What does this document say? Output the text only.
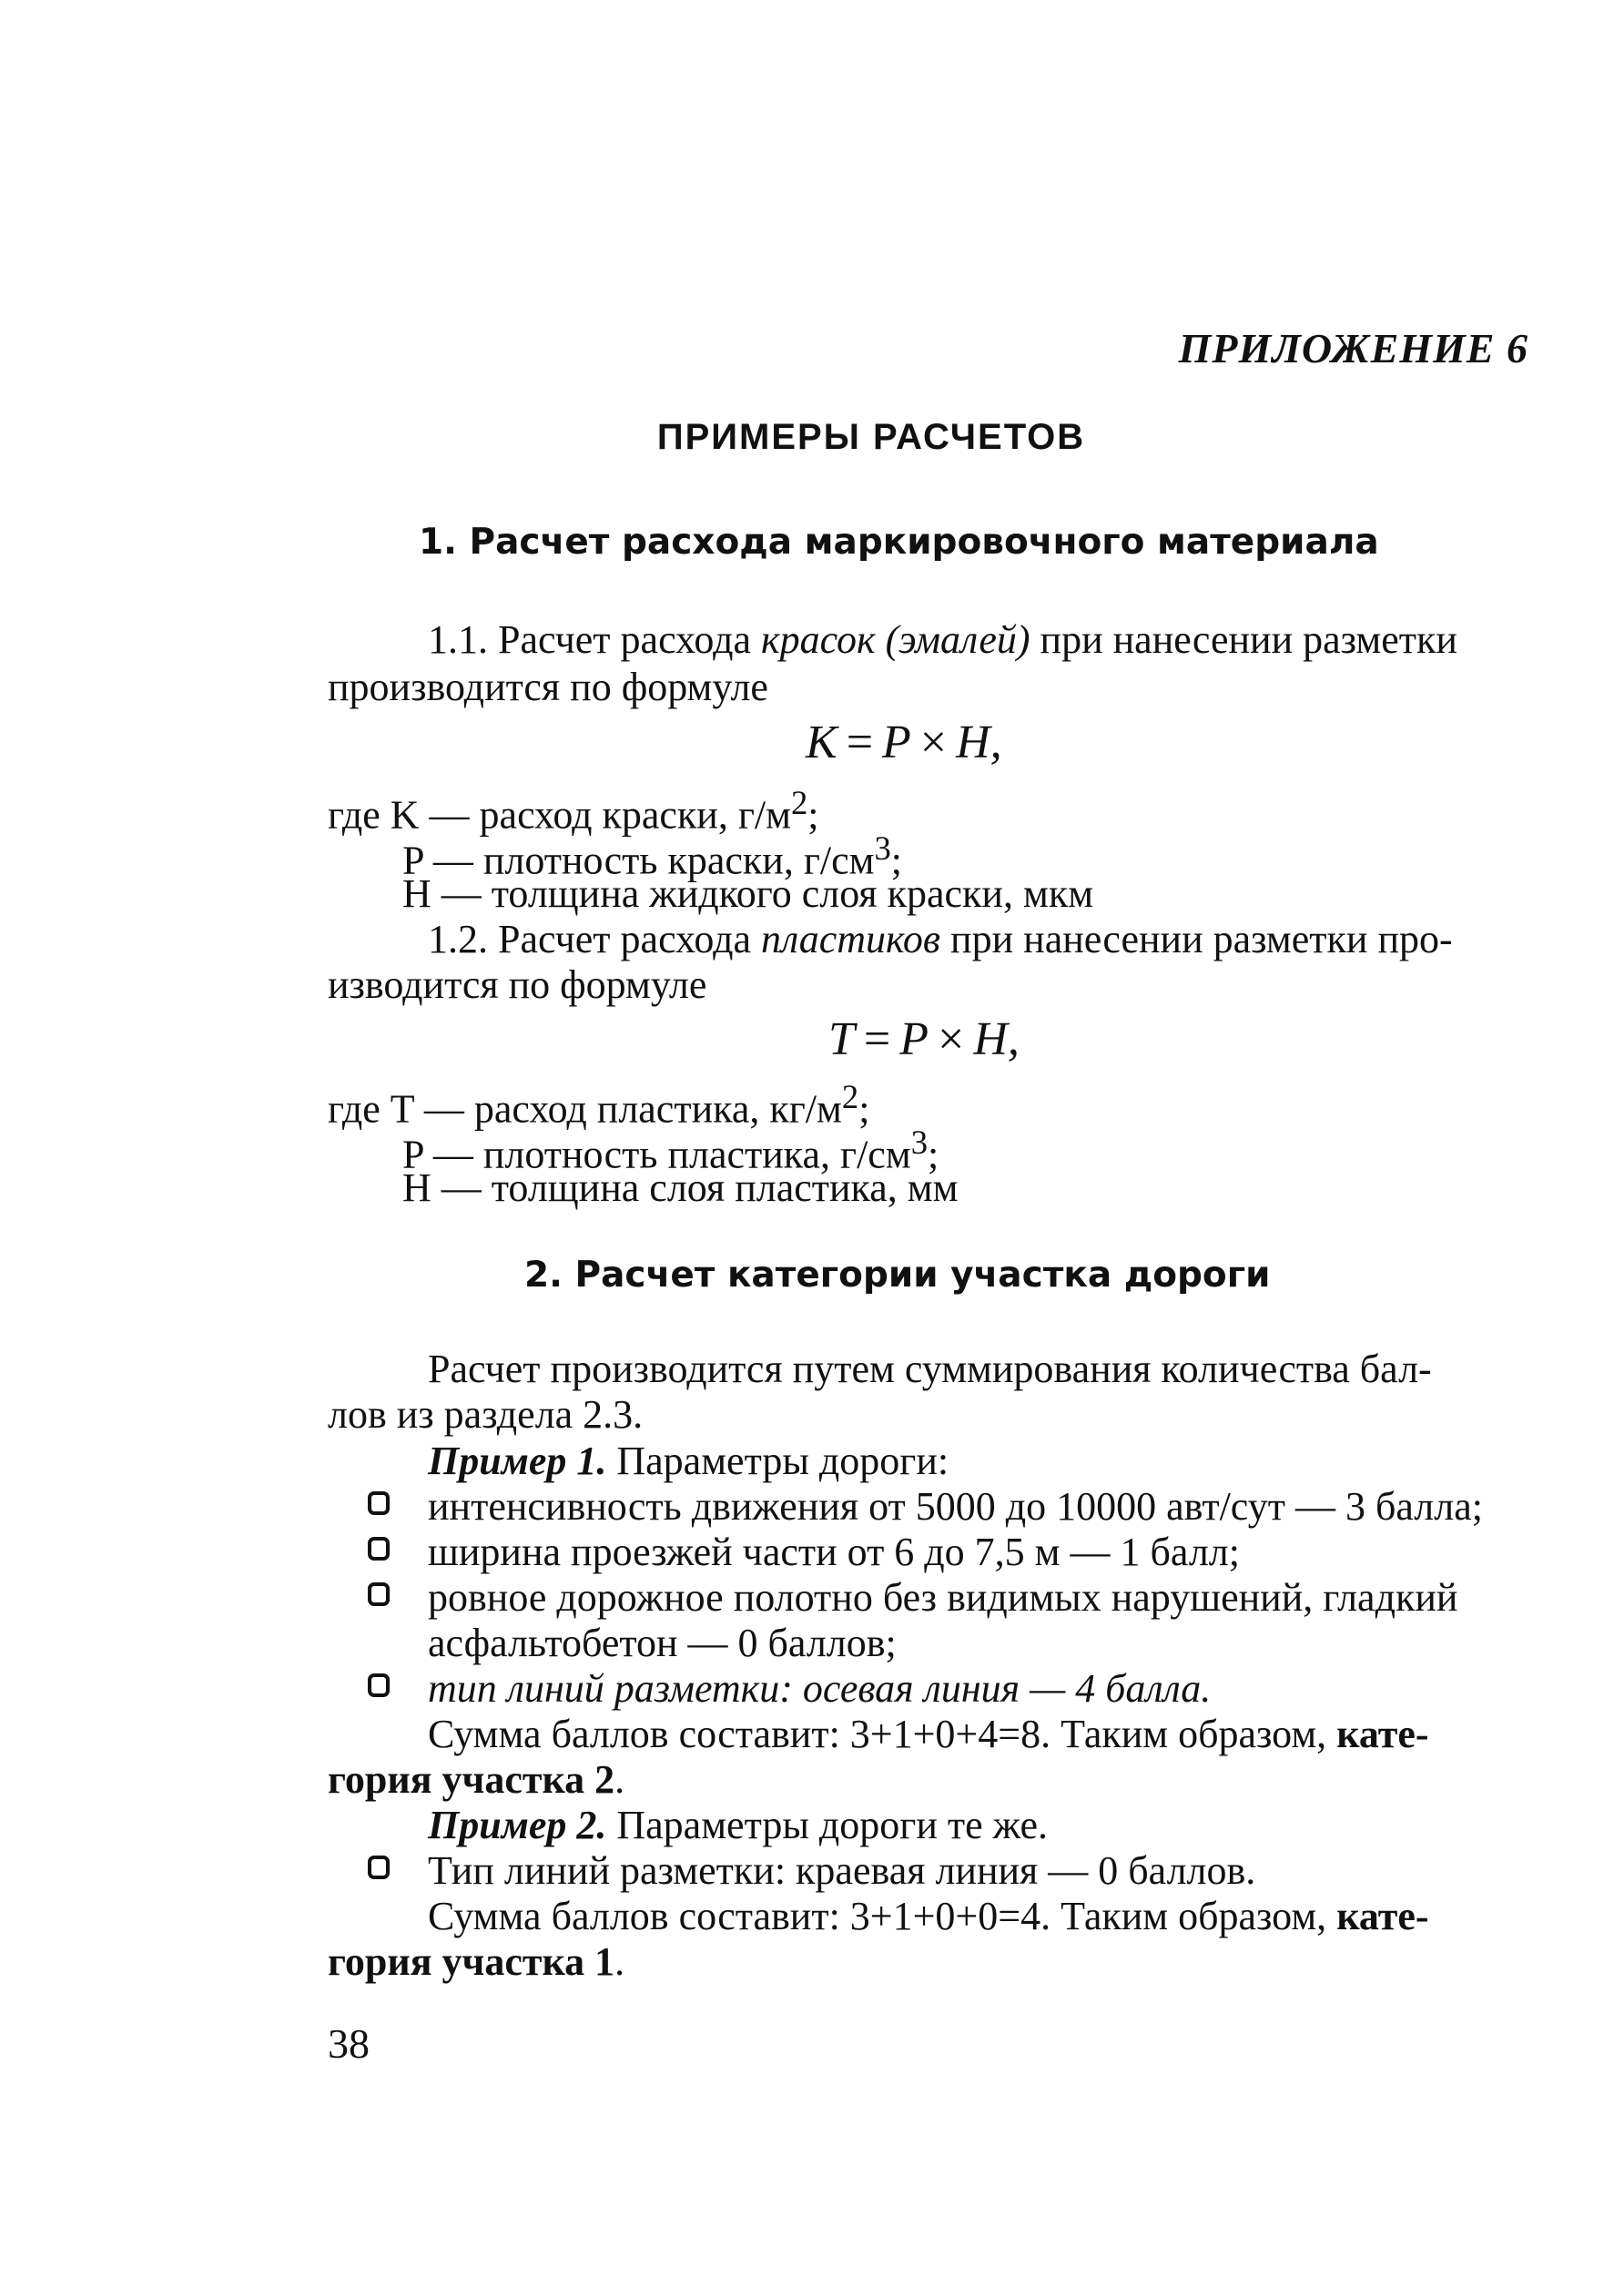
ПРИЛОЖЕНИЕ 6
ПРИМЕРЫ РАСЧЕТОВ
1. Расчет расхода маркировочного материала
1.1. Расчет расхода красок (эмалей) при нанесении разметки
производится по формуле
K = P × H,
где K — расход краски, $г/м^2$;
P — плотность краски, $г/см^3$;
H — толщина жидкого слоя краски, мкм
1.2. Расчет расхода пластиков при нанесении разметки про-
изводится по формуле
T = P × H,
где T — расход пластика, $кг/м^2$;
P — плотность пластика, $г/см^3$;
H — толщина слоя пластика, мм
2. Расчет категории участка дороги
Расчет производится путем суммирования количества бал-
лов из раздела 2.3.
Пример 1. Параметры дороги:
интенсивность движения от 5000 до 10000 авт/сут — 3 балла;
ширина проезжей части от 6 до 7,5 м — 1 балл;
ровное дорожное полотно без видимых нарушений, гладкий
асфальтобетон — 0 баллов;
тип линий разметки: осевая линия — 4 балла.
Сумма баллов составит: 3+1+0+4=8. Таким образом, кате-
гория участка 2.
Пример 2. Параметры дороги те же.
Тип линий разметки: краевая линия — 0 баллов.
Сумма баллов составит: 3+1+0+0=4. Таким образом, кате-
гория участка 1.
38
